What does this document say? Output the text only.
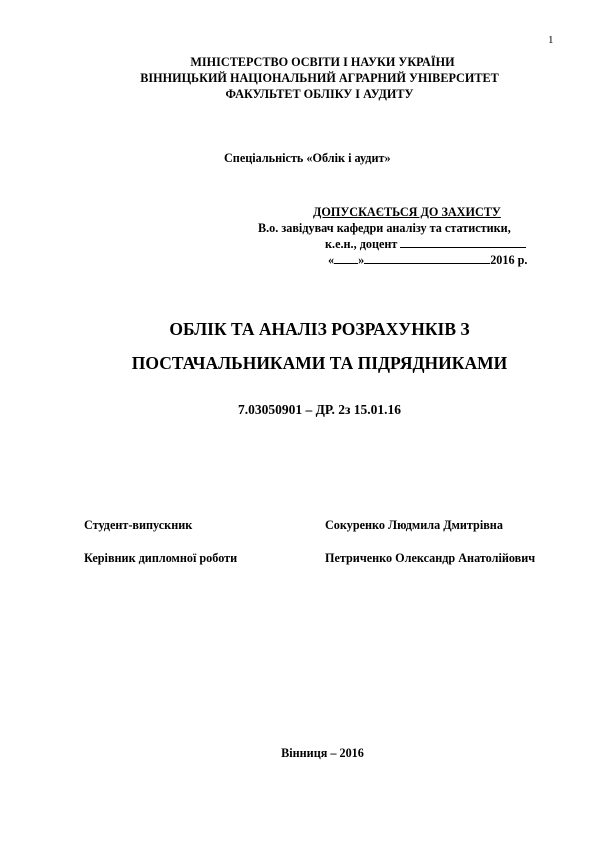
1
МІНІСТЕРСТВО ОСВІТИ І НАУКИ УКРАЇНИ
ВІННИЦЬКИЙ НАЦІОНАЛЬНИЙ АГРАРНИЙ УНІВЕРСИТЕТ
ФАКУЛЬТЕТ ОБЛІКУ І АУДИТУ
Спеціальність «Облік і аудит»
ДОПУСКАЄТЬСЯ ДО ЗАХИСТУ
В.о. завідувач кафедри аналізу та статистики,
к.е.н., доцент
« »	2016 р.
ОБЛІК ТА АНАЛІЗ РОЗРАХУНКІВ З
ПОСТАЧАЛЬНИКАМИ ТА ПІДРЯДНИКАМИ
7.03050901 – ДР. 2з 15.01.16
Студент-випускник	Сокуренко Людмила Дмитрівна
Керівник дипломної роботи	Петриченко Олександр Анатолійович
Вінниця – 2016
